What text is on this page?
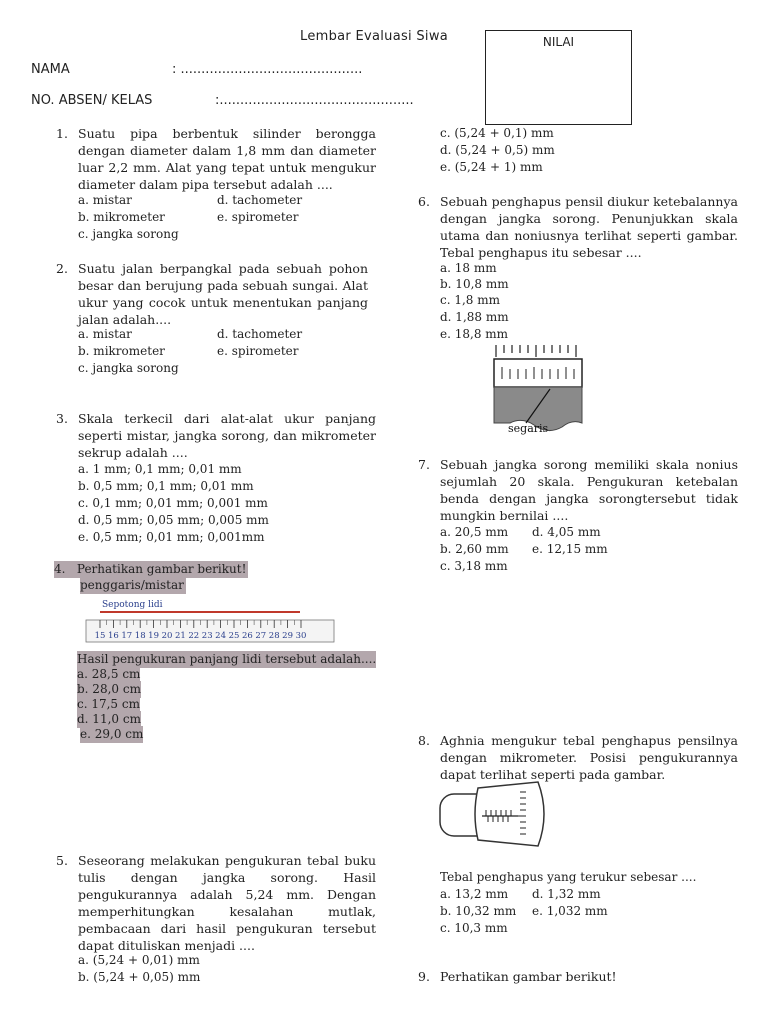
Lembar Evaluasi Siwa	NILAI
NAMA	: ............................................
NO. ABSEN/ KELAS	:...............................................
1. Suatu pipa berbentuk silinder berongga dengan diameter dalam 1,8 mm dan diameter luar 2,2 mm. Alat yang tepat untuk mengukur diameter dalam pipa tersebut adalah ....

a. mistar	d. tachometer
b. mikrometer	e. spirometer
c. jangka sorong
2. Suatu jalan berpangkal pada sebuah pohon besar dan berujung pada sebuah sungai. Alat ukur yang cocok untuk menentukan panjang jalan adalah....

a. mistar	d. tachometer
b. mikrometer	e. spirometer
c. jangka sorong
3. Skala terkecil dari alat-alat ukur panjang seperti mistar, jangka sorong, dan mikrometer sekrup adalah ....

a. 1 mm; 0,1 mm; 0,01 mm
b. 0,5 mm; 0,1 mm; 0,01 mm
c. 0,1 mm; 0,01 mm; 0,001 mm
d. 0,5 mm; 0,05 mm; 0,005 mm
e. 0,5 mm; 0,01 mm; 0,001mm
4. Perhatikan gambar berikut!
penggaris/mistar
Sepotong lidi
15 16 17 18 19 20 21 22 23 24 25 26 27 28 29 30
Hasil pengukuran panjang lidi tersebut adalah....
a. 28,5 cm
b. 28,0 cm
c. 17,5 cm
d. 11,0 cm
e. 29,0 cm
5. Seseorang melakukan pengukuran tebal buku tulis dengan jangka sorong. Hasil pengukurannya adalah 5,24 mm. Dengan memperhitungkan kesalahan mutlak, pembacaan dari hasil pengukuran tersebut dapat dituliskan menjadi ....

a. (5,24 + 0,01) mm
b. (5,24 + 0,05) mm
c. (5,24 + 0,1) mm
d. (5,24 + 0,5) mm
e. (5,24 + 1) mm
6. Sebuah penghapus pensil diukur ketebalannya dengan jangka sorong. Penunjukkan skala utama dan noniusnya terlihat seperti gambar. Tebal penghapus itu sebesar ....

a. 18 mm
b. 10,8 mm
c. 1,8 mm
d. 1,88 mm
e. 18,8 mm
segaris
7. Sebuah jangka sorong memiliki skala nonius sejumlah 20 skala. Pengukuran ketebalan benda dengan jangka sorongtersebut tidak mungkin bernilai ....

a. 20,5 mm d. 4,05 mm
b. 2,60 mm e. 12,15 mm
c. 3,18 mm
8. Aghnia mengukur tebal penghapus pensilnya dengan mikrometer. Posisi pengukurannya dapat terlihat seperti pada gambar.

Tebal penghapus yang terukur sebesar ....
a. 13,2 mm d. 1,32 mm
b. 10,32 mm e. 1,032 mm
c. 10,3 mm
9. Perhatikan gambar berikut!
